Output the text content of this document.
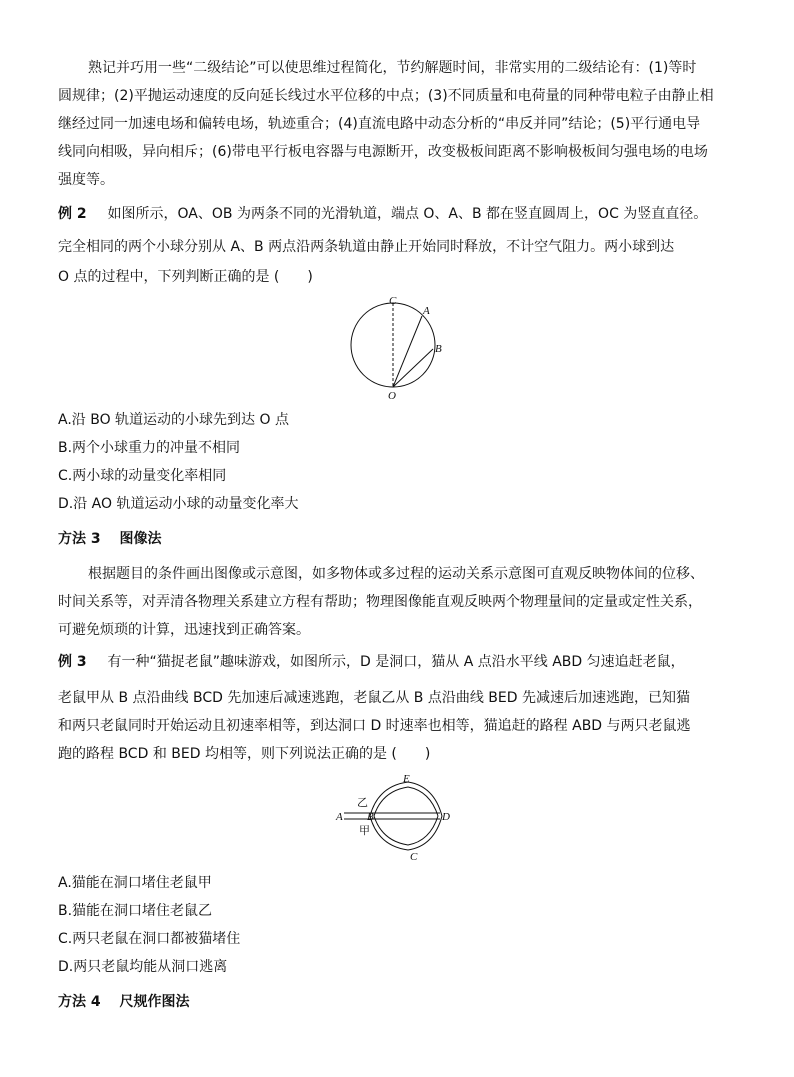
熟记并巧用一些“二级结论”可以使思维过程简化，节约解题时间，非常实用的二级结论有：(1)等时
圆规律；(2)平抛运动速度的反向延长线过水平位移的中点；(3)不同质量和电荷量的同种带电粒子由静止相
继经过同一加速电场和偏转电场，轨迹重合；(4)直流电路中动态分析的“串反并同”结论；(5)平行通电导
线同向相吸，异向相斥；(6)带电平行板电容器与电源断开，改变极板间距离不影响极板间匀强电场的电场
强度等。
例 2 如图所示，OA、OB 为两条不同的光滑轨道，端点 O、A、B 都在竖直圆周上，OC 为竖直直径。
完全相同的两个小球分别从 A、B 两点沿两条轨道由静止开始同时释放，不计空气阻力。两小球到达
O 点的过程中，下列判断正确的是 (　　)
C
A
B
O
A.沿 BO 轨道运动的小球先到达 O 点
B.两个小球重力的冲量不相同
C.两小球的动量变化率相同
D.沿 AO 轨道运动小球的动量变化率大
方法 3 图像法
根据题目的条件画出图像或示意图，如多物体或多过程的运动关系示意图可直观反映物体间的位移、
时间关系等，对弄清各物理关系建立方程有帮助；物理图像能直观反映两个物理量间的定量或定性关系，
可避免烦琐的计算，迅速找到正确答案。
例 3 有一种“猫捉老鼠”趣味游戏，如图所示，D 是洞口，猫从 A 点沿水平线 ABD 匀速追赶老鼠，
老鼠甲从 B 点沿曲线 BCD 先加速后减速逃跑，老鼠乙从 B 点沿曲线 BED 先减速后加速逃跑，已知猫
和两只老鼠同时开始运动且初速率相等，到达洞口 D 时速率也相等，猫追赶的路程 ABD 与两只老鼠逃
跑的路程 BCD 和 BED 均相等，则下列说法正确的是 (　　)
E
乙
A B	D
甲
C
A.猫能在洞口堵住老鼠甲
B.猫能在洞口堵住老鼠乙
C.两只老鼠在洞口都被猫堵住
D.两只老鼠均能从洞口逃离
方法 4 尺规作图法
